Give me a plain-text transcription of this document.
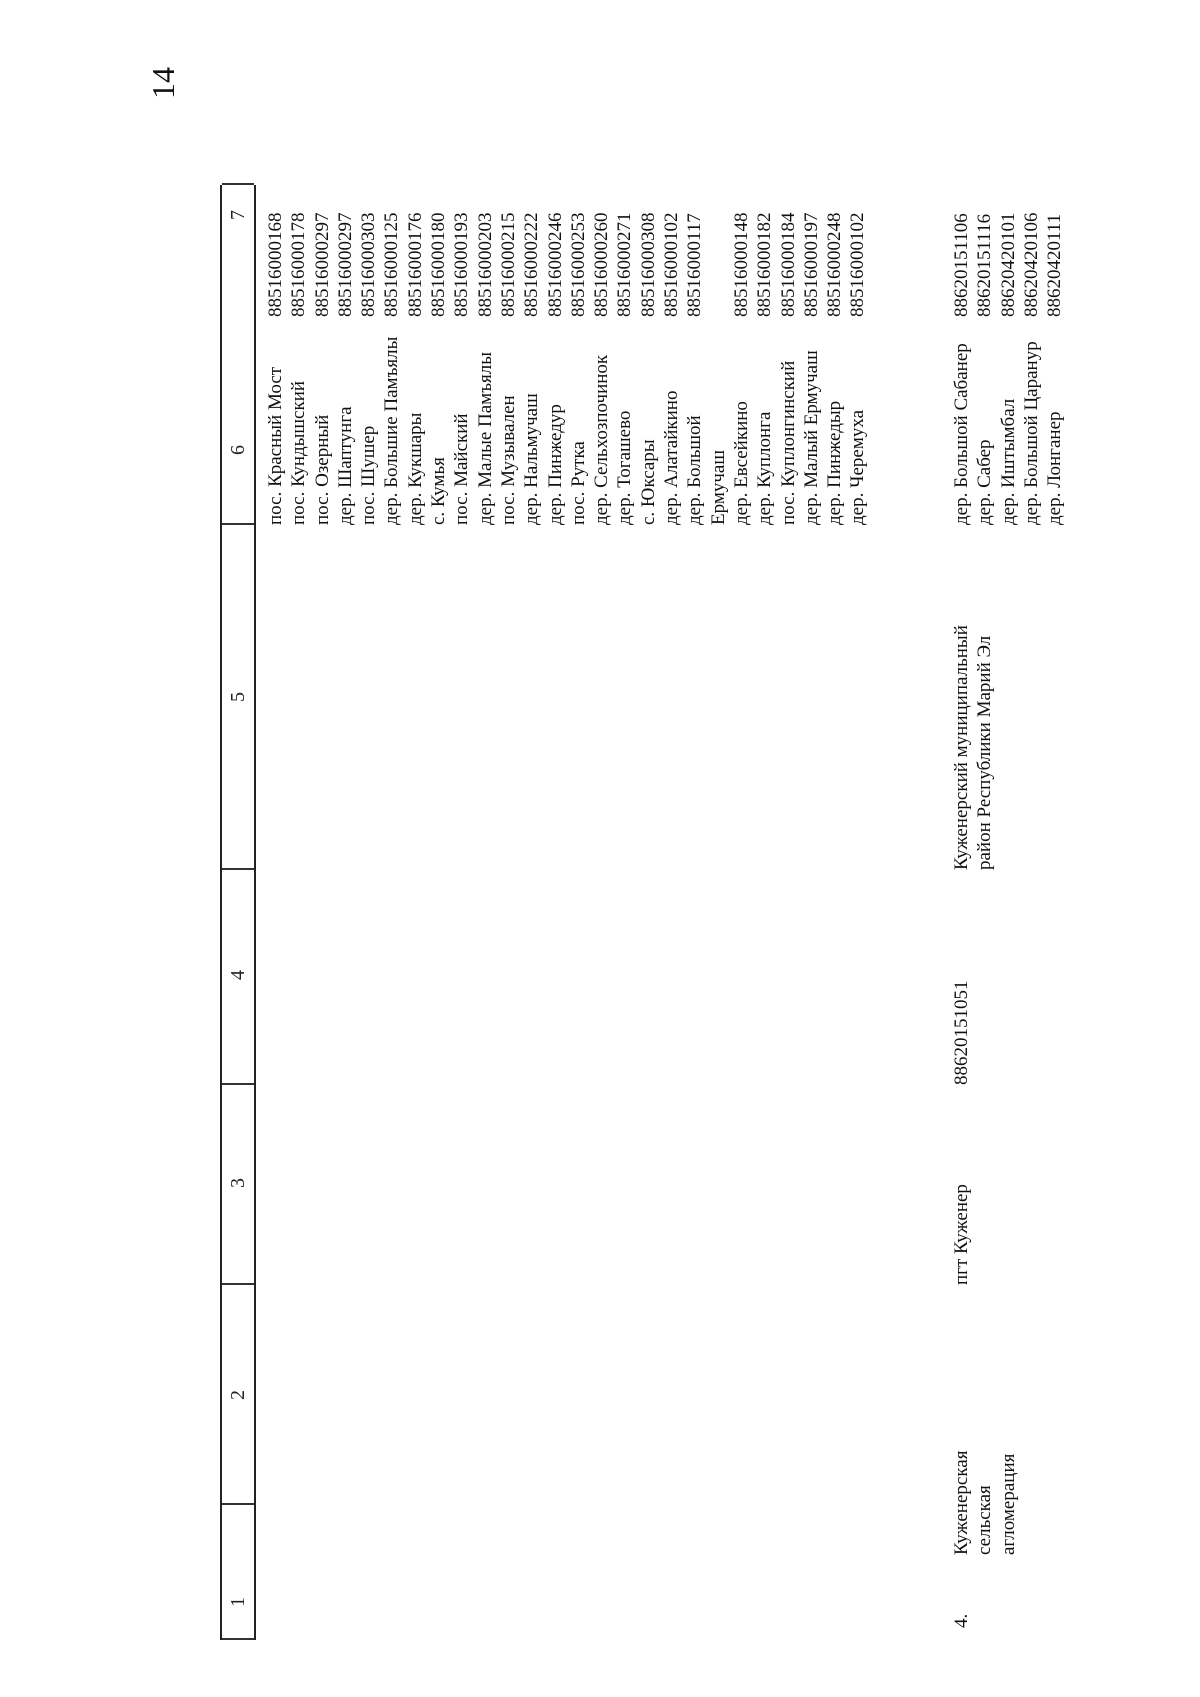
14
1
2
3
4
5
6
7
пос. Красный Мост пос. Кундышский пос. Озерный дер. Шаптунга пос. Шушер дер. Большие Памъялы дер. Кукшары с. Кумья пос. Майский дер. Малые Памъялы пос. Музывален дер. Нальмучаш дер. Пинжедур пос. Рутка дер. Сельхозпочинок дер. Тогашево с. Юксары дер. Алатайкино дер. Большой Ермучаш дер. Евсейкино дер. Куплонга пос. Куплонгинский дер. Малый Ермучаш дер. Пинжедыр дер. Черемуха
88516000168 88516000178 88516000297 88516000297 88516000303 88516000125 88516000176 88516000180 88516000193 88516000203 88516000215 88516000222 88516000246 88516000253 88516000260 88516000271 88516000308 88516000102 88516000117 88516000148 88516000182 88516000184 88516000197 88516000248 88516000102
4.
Куженерская сельская агломерация
пгт Куженер
88620151051
Куженерский муниципальный район Республики Марий Эл
дер. Большой Сабанер дер. Сабер дер. Иштымбал дер. Большой Царанур дер. Лонганер
88620151106 88620151116 88620420101 88620420106 88620420111
